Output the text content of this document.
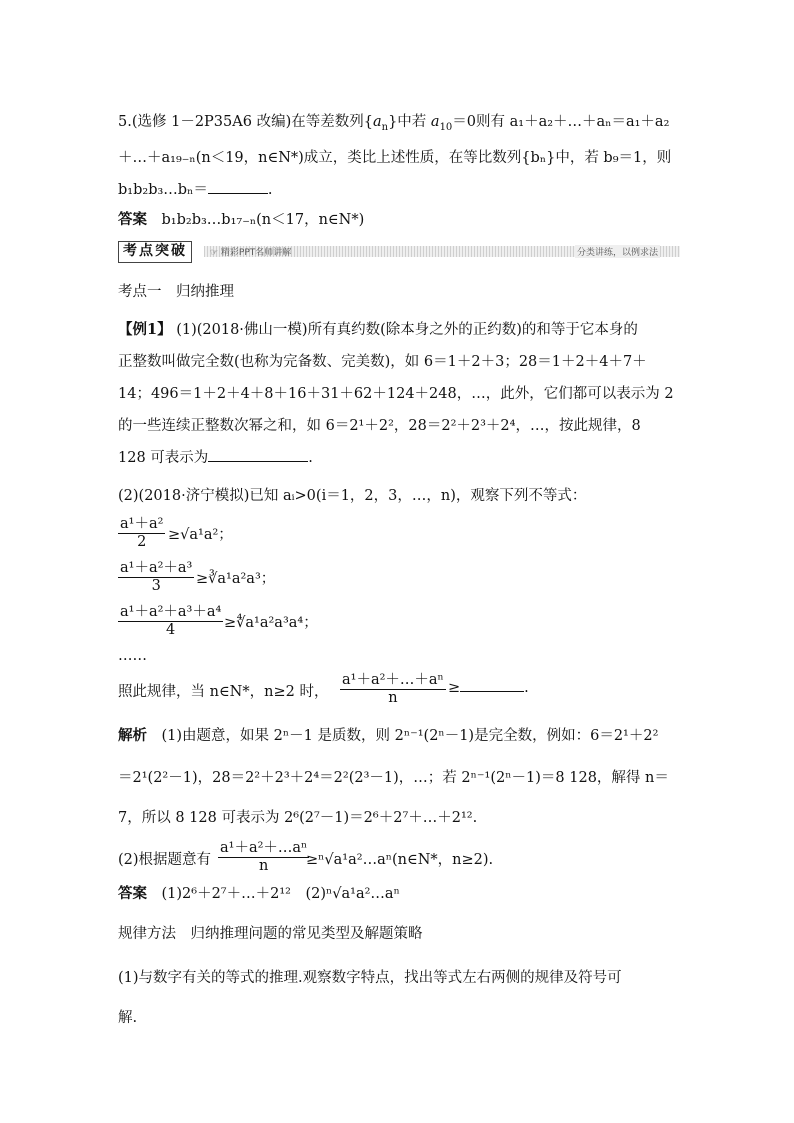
5.(选修 1－2P35A6 改编)在等差数列$\{a_n\}$中若 $a_{10}=0$则有 a₁＋a₂＋…＋aₙ＝a₁＋a₂
＋…＋a₁₉₋ₙ(n＜19，n∈N*)成立，类比上述性质，在等比数列{bₙ}中，若 b₉＝1，则
b₁b₂b₃…bₙ＝	.
答案　 b₁b₂b₃…b₁₇₋ₙ(n＜17，n∈N*)
考点突破	☞ 精彩PPT名师讲解	分类讲练，以例求法
考点一　归纳推理
【例1】 (1)(2018·佛山一模)所有真约数(除本身之外的正约数)的和等于它本身的
正整数叫做完全数(也称为完备数、完美数)，如 6＝1＋2＋3；28＝1＋2＋4＋7＋
14；496＝1＋2＋4＋8＋16＋31＋62＋124＋248，…，此外，它们都可以表示为 2
的一些连续正整数次幂之和，如 6＝2¹＋2²，28＝2²＋2³＋2⁴，…，按此规律，8
128 可表示为	.
(2)(2018·济宁模拟)已知 aᵢ>0(i＝1，2，3，…，n)，观察下列不等式：
$\frac{\text{a¹＋a²}}{2} \ge√a^1a^2$；
$\frac{\text{a¹＋a²＋a³}}{3}$ ≥∛a¹a²a³；
$\frac{\text{a¹＋a²＋a³＋a⁴}}{4}$ ≥∜a¹a²a³a⁴；
……
照此规律，当 n∈N*，n≥2 时， $\frac{\text{a¹＋a²＋…＋aⁿ}}{n}$ ≥	.
解析　 (1)由题意，如果 2ⁿ－1 是质数，则 2ⁿ⁻¹(2ⁿ－1)是完全数，例如：6＝2¹＋2²
＝2¹(2²－1)，28＝2²＋2³＋2⁴＝2²(2³－1)，…；若 2ⁿ⁻¹(2ⁿ－1)＝8 128，解得 n＝
7，所以 8 128 可表示为 2⁶(2⁷－1)＝2⁶＋2⁷＋…＋2¹².
(2)根据题意有 $\frac{\text{a¹＋a²＋…aⁿ}}{n}$
≥ⁿ√a¹a²…aⁿ(n∈N*，n≥2).
答案　 (1)2⁶＋2⁷＋…＋2¹²　(2)ⁿ√a¹a²…aⁿ
规律方法　归纳推理问题的常见类型及解题策略
(1)与数字有关的等式的推理.观察数字特点，找出等式左右两侧的规律及符号可
解.
